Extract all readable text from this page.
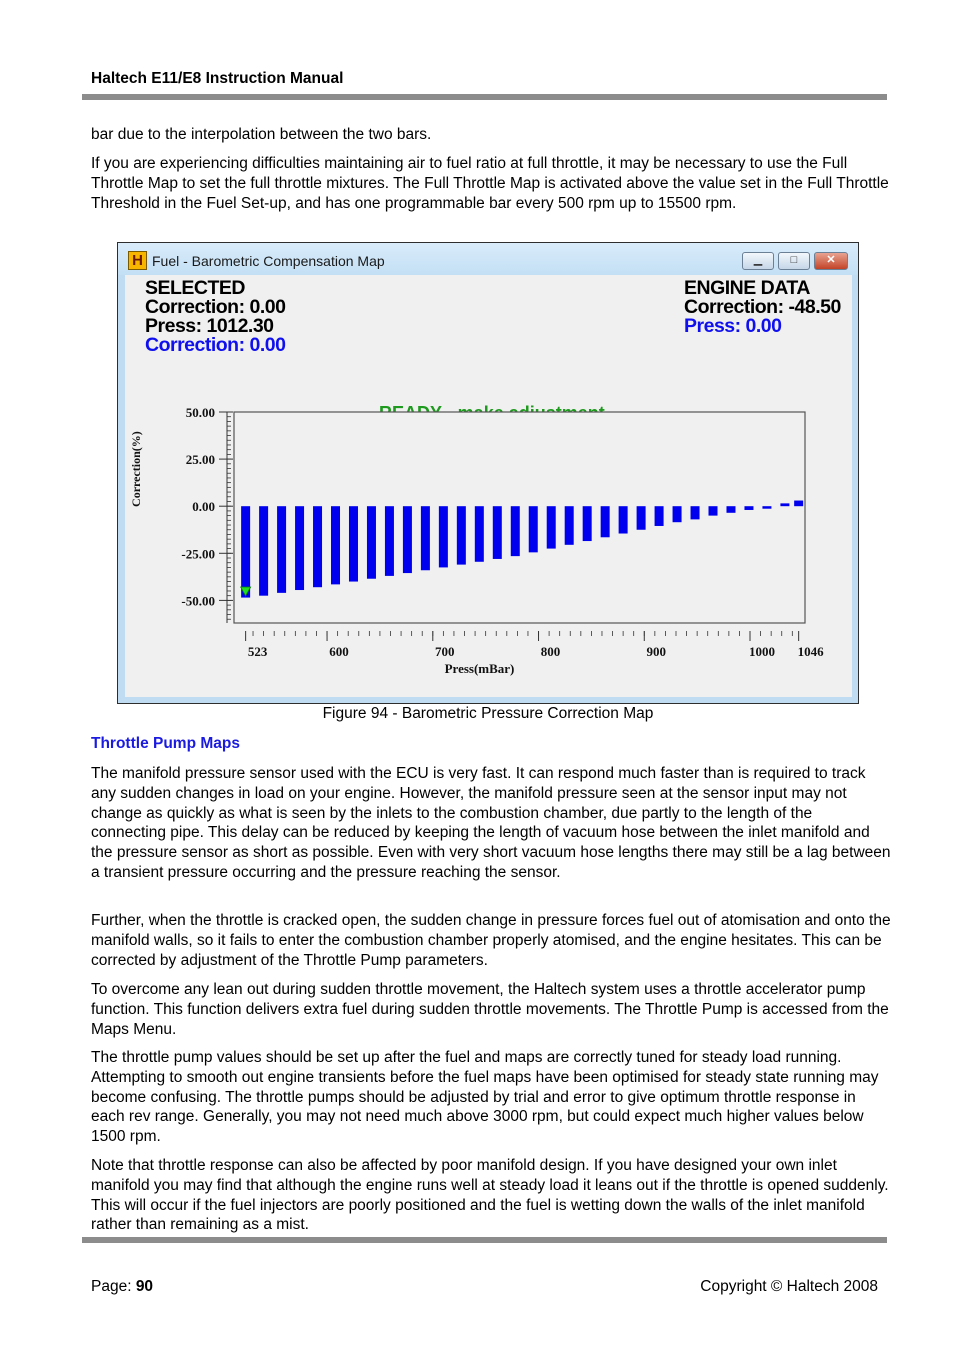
Haltech E11/E8 Instruction Manual
bar due to the interpolation between the two bars.
If you are experiencing difficulties maintaining air to fuel ratio at full throttle, it may be necessary to use the Full Throttle Map to set the full throttle mixtures. The Full Throttle Map is activated above the value set in the Full Throttle Threshold in the Fuel Set-up, and has one programmable bar every 500 rpm up to 15500 rpm.
H Fuel - Barometric Compensation Map	▁	□	✕
SELECTED
Correction: 0.00
Press: 1012.30
Correction: 0.00
ENGINE DATA
Correction: -48.50
Press: 0.00
50.00
25.00
0.00
-25.00
-50.00
Correction(%)
523	600	700	800	900	1000 1046
Press(mBar)
Figure 94 - Barometric Pressure Correction Map
Throttle Pump Maps
The manifold pressure sensor used with the ECU is very fast. It can respond much faster than is required to track any sudden changes in load on your engine. However, the manifold pressure seen at the sensor input may not change as quickly as what is seen by the inlets to the combustion chamber, due partly to the length of the connecting pipe. This delay can be reduced by keeping the length of vacuum hose between the inlet manifold and the pressure sensor as short as possible. Even with very short vacuum hose lengths there may still be a lag between a transient pressure occurring and the pressure reaching the sensor.
Further, when the throttle is cracked open, the sudden change in pressure forces fuel out of atomisation and onto the manifold walls, so it fails to enter the combustion chamber properly atomised, and the engine hesitates. This can be corrected by adjustment of the Throttle Pump parameters.
To overcome any lean out during sudden throttle movement, the Haltech system uses a throttle accelerator pump function. This function delivers extra fuel during sudden throttle movements. The Throttle Pump is accessed from the Maps Menu.
The throttle pump values should be set up after the fuel and maps are correctly tuned for steady load running. Attempting to smooth out engine transients before the fuel maps have been optimised for steady state running may become confusing. The throttle pumps should be adjusted by trial and error to give optimum throttle response in each rev range. Generally, you may not need much above 3000 rpm, but could expect much higher values below 1500 rpm.
Note that throttle response can also be affected by poor manifold design. If you have designed your own inlet manifold you may find that although the engine runs well at steady load it leans out if the throttle is opened suddenly. This will occur if the fuel injectors are poorly positioned and the fuel is wetting down the walls of the inlet manifold rather than remaining as a mist.
Page: 90	Copyright © Haltech 2008
